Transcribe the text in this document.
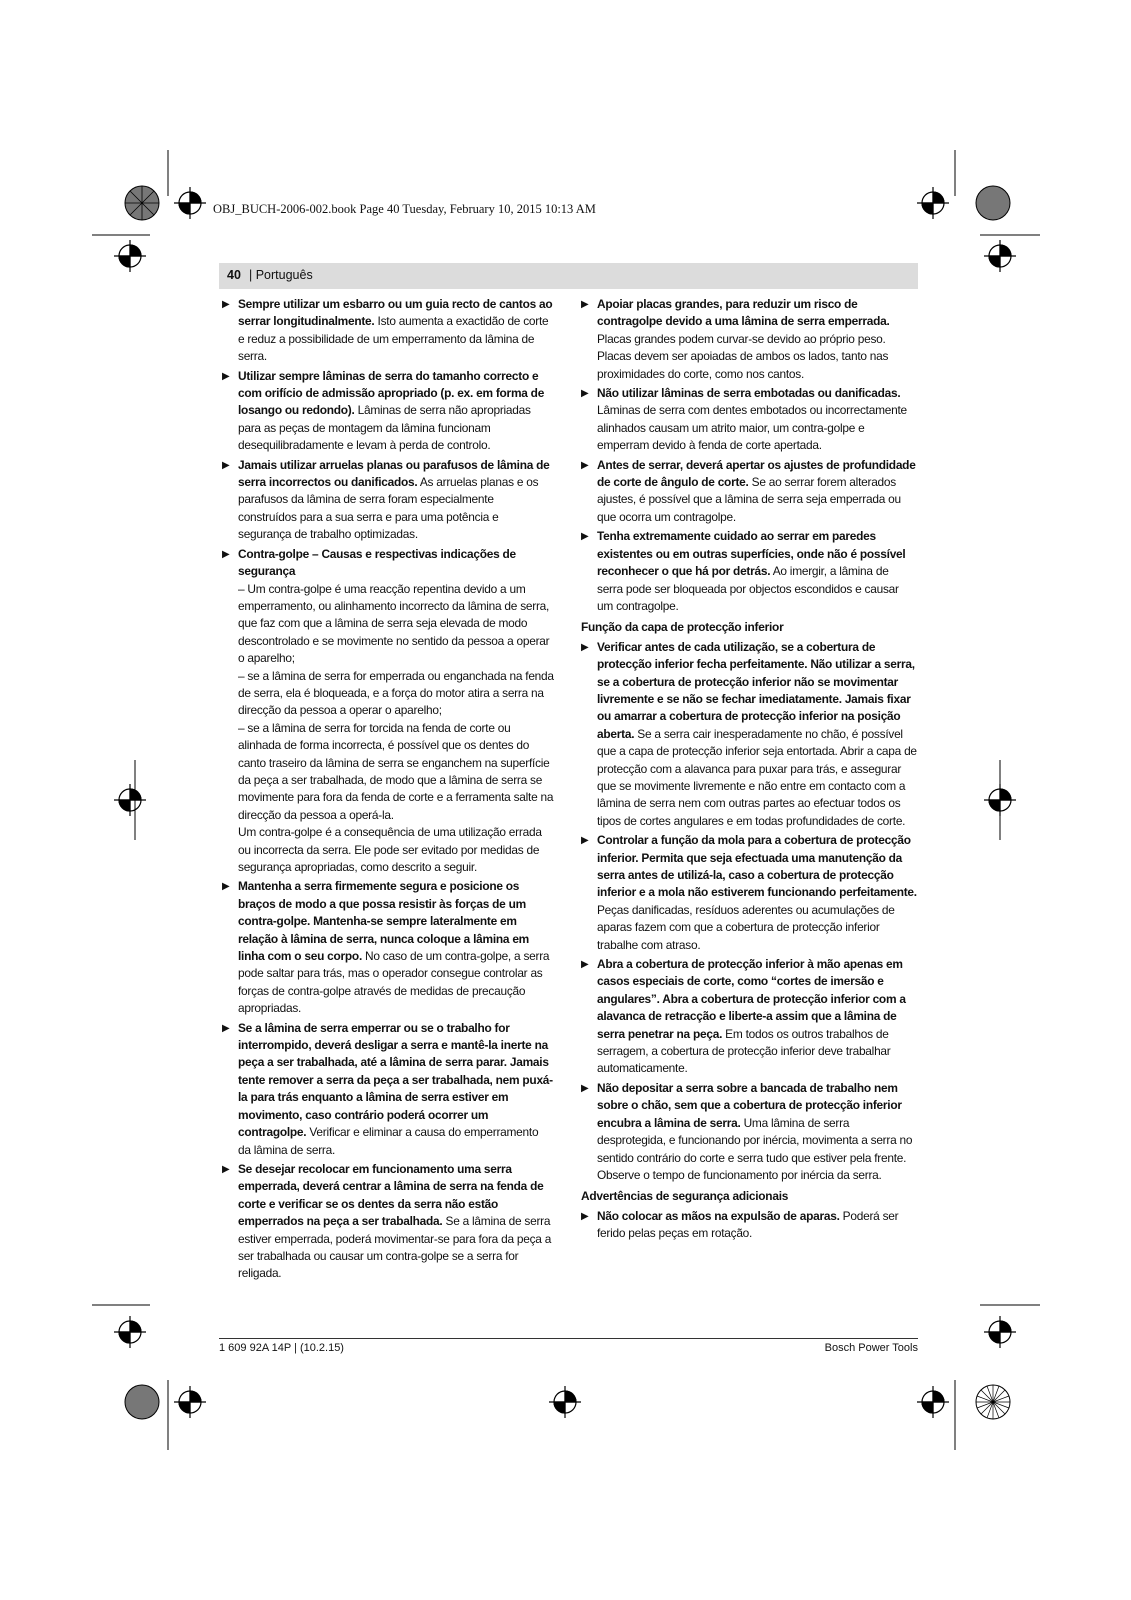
OBJ_BUCH-2006-002.book Page 40 Tuesday, February 10, 2015 10:13 AM
40 | Português
▶ Sempre utilizar um esbarro ou um guia recto de cantos ao serrar longitudinalmente. Isto aumenta a exactidão de corte e reduz a possibilidade de um emperramento da lâmina de serra.
▶ Utilizar sempre lâminas de serra do tamanho correcto e com orifício de admissão apropriado (p. ex. em forma de losango ou redondo). Lâminas de serra não apropriadas para as peças de montagem da lâmina funcionam desequilibradamente e levam à perda de controlo.
▶ Jamais utilizar arruelas planas ou parafusos de lâmina de serra incorrectos ou danificados. As arruelas planas e os parafusos da lâmina de serra foram especialmente construídos para a sua serra e para uma potência e segurança de trabalho optimizadas.
▶ Contra-golpe – Causas e respectivas indicações de segurança
– Um contra-golpe é uma reacção repentina devido a um emperramento, ou alinhamento incorrecto da lâmina de serra, que faz com que a lâmina de serra seja elevada de modo descontrolado e se movimente no sentido da pessoa a operar o aparelho;
– se a lâmina de serra for emperrada ou enganchada na fenda de serra, ela é bloqueada, e a força do motor atira a serra na direcção da pessoa a operar o aparelho;
– se a lâmina de serra for torcida na fenda de corte ou alinhada de forma incorrecta, é possível que os dentes do canto traseiro da lâmina de serra se enganchem na superfície da peça a ser trabalhada, de modo que a lâmina de serra se movimente para fora da fenda de corte e a ferramenta salte na direcção da pessoa a operá-la.
Um contra-golpe é a consequência de uma utilização errada ou incorrecta da serra. Ele pode ser evitado por medidas de segurança apropriadas, como descrito a seguir.
▶ Mantenha a serra firmemente segura e posicione os braços de modo a que possa resistir às forças de um contra-golpe. Mantenha-se sempre lateralmente em relação à lâmina de serra, nunca coloque a lâmina em linha com o seu corpo. No caso de um contra-golpe, a serra pode saltar para trás, mas o operador consegue controlar as forças de contra-golpe através de medidas de precaução apropriadas.
▶ Se a lâmina de serra emperrar ou se o trabalho for interrompido, deverá desligar a serra e mantê-la inerte na peça a ser trabalhada, até a lâmina de serra parar. Jamais tente remover a serra da peça a ser trabalhada, nem puxá-la para trás enquanto a lâmina de serra estiver em movimento, caso contrário poderá ocorrer um contragolpe. Verificar e eliminar a causa do emperramento da lâmina de serra.
▶ Se desejar recolocar em funcionamento uma serra emperrada, deverá centrar a lâmina de serra na fenda de corte e verificar se os dentes da serra não estão emperrados na peça a ser trabalhada. Se a lâmina de serra estiver emperrada, poderá movimentar-se para fora da peça a ser trabalhada ou causar um contra-golpe se a serra for religada.
▶ Apoiar placas grandes, para reduzir um risco de contragolpe devido a uma lâmina de serra emperrada. Placas grandes podem curvar-se devido ao próprio peso. Placas devem ser apoiadas de ambos os lados, tanto nas proximidades do corte, como nos cantos.
▶ Não utilizar lâminas de serra embotadas ou danificadas. Lâminas de serra com dentes embotados ou incorrectamente alinhados causam um atrito maior, um contra-golpe e emperram devido à fenda de corte apertada.
▶ Antes de serrar, deverá apertar os ajustes de profundidade de corte de ângulo de corte. Se ao serrar forem alterados ajustes, é possível que a lâmina de serra seja emperrada ou que ocorra um contragolpe.
▶ Tenha extremamente cuidado ao serrar em paredes existentes ou em outras superfícies, onde não é possível reconhecer o que há por detrás. Ao imergir, a lâmina de serra pode ser bloqueada por objectos escondidos e causar um contragolpe.
Função da capa de protecção inferior
▶ Verificar antes de cada utilização, se a cobertura de protecção inferior fecha perfeitamente. Não utilizar a serra, se a cobertura de protecção inferior não se movimentar livremente e se não se fechar imediatamente. Jamais fixar ou amarrar a cobertura de protecção inferior na posição aberta. Se a serra cair inesperadamente no chão, é possível que a capa de protecção inferior seja entortada. Abrir a capa de protecção com a alavanca para puxar para trás, e assegurar que se movimente livremente e não entre em contacto com a lâmina de serra nem com outras partes ao efectuar todos os tipos de cortes angulares e em todas profundidades de corte.
▶ Controlar a função da mola para a cobertura de protecção inferior. Permita que seja efectuada uma manutenção da serra antes de utilizá-la, caso a cobertura de protecção inferior e a mola não estiverem funcionando perfeitamente. Peças danificadas, resíduos aderentes ou acumulações de aparas fazem com que a cobertura de protecção inferior trabalhe com atraso.
▶ Abra a cobertura de protecção inferior à mão apenas em casos especiais de corte, como “cortes de imersão e angulares”. Abra a cobertura de protecção inferior com a alavanca de retracção e liberte-a assim que a lâmina de serra penetrar na peça. Em todos os outros trabalhos de serragem, a cobertura de protecção inferior deve trabalhar automaticamente.
▶ Não depositar a serra sobre a bancada de trabalho nem sobre o chão, sem que a cobertura de protecção inferior encubra a lâmina de serra. Uma lâmina de serra desprotegida, e funcionando por inércia, movimenta a serra no sentido contrário do corte e serra tudo que estiver pela frente. Observe o tempo de funcionamento por inércia da serra.
Advertências de segurança adicionais
▶ Não colocar as mãos na expulsão de aparas. Poderá ser ferido pelas peças em rotação.
1 609 92A 14P | (10.2.15)	Bosch Power Tools
